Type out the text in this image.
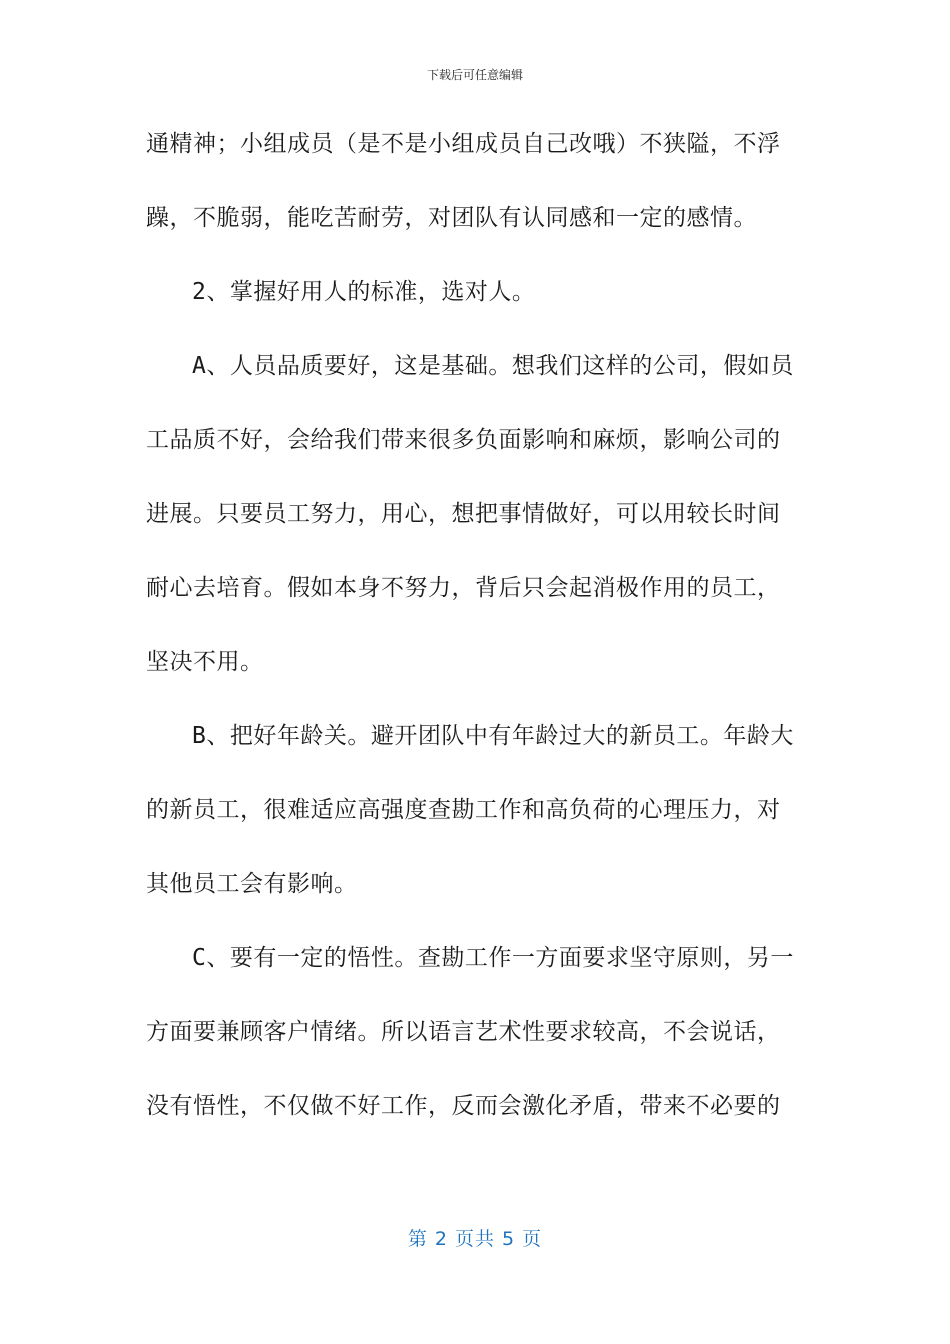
下载后可任意编辑
通精神；小组成员（是不是小组成员自己改哦）不狭隘，不浮
躁，不脆弱，能吃苦耐劳，对团队有认同感和一定的感情。
2、掌握好用人的标准，选对人。
A、人员品质要好，这是基础。想我们这样的公司，假如员
工品质不好，会给我们带来很多负面影响和麻烦，影响公司的
进展。只要员工努力，用心，想把事情做好，可以用较长时间
耐心去培育。假如本身不努力，背后只会起消极作用的员工，
坚决不用。
B、把好年龄关。避开团队中有年龄过大的新员工。年龄大
的新员工，很难适应高强度查勘工作和高负荷的心理压力，对
其他员工会有影响。
C、要有一定的悟性。查勘工作一方面要求坚守原则，另一
方面要兼顾客户情绪。所以语言艺术性要求较高，不会说话，
没有悟性，不仅做不好工作，反而会激化矛盾，带来不必要的
第 2 页共 5 页
